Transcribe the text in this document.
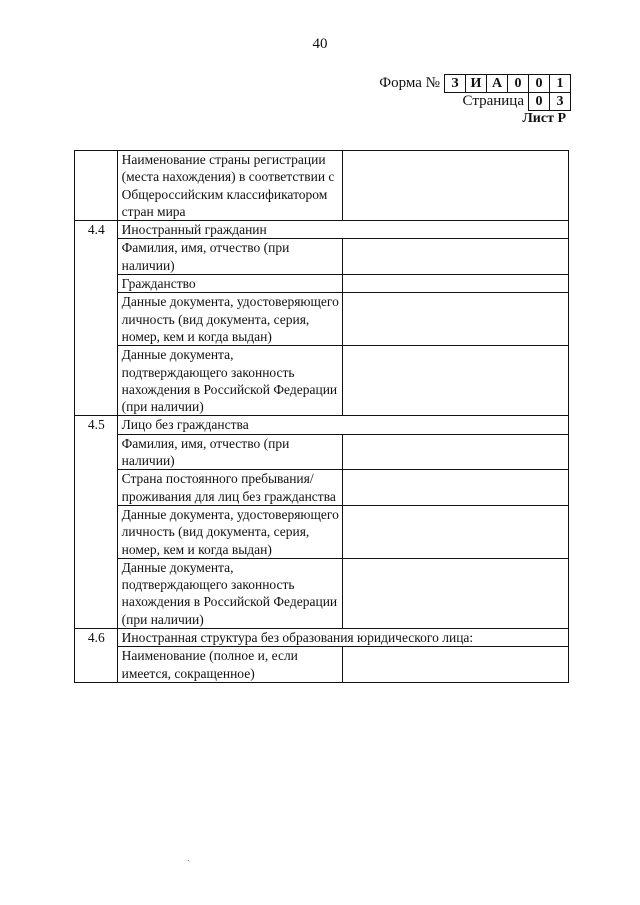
40
Форма № З И А 0	0	1
Страница 0	3
Лист Р
	Наименование страны регистрации (места нахождения) в соответствии с Общероссийским классификатором стран мира	
4.4	Иностранный гражданин	
	Фамилия, имя, отчество (при наличии)	
	Гражданство	
	Данные документа, удостоверяющего личность (вид документа, серия, номер, кем и когда выдан)	
	Данные документа, подтверждающего законность нахождения в Российской Федерации (при наличии)	
4.5	Лицо без гражданства	
	Фамилия, имя, отчество (при наличии)	
	Страна постоянного пребывания/проживания для лиц без гражданства	
	Данные документа, удостоверяющего личность (вид документа, серия, номер, кем и когда выдан)	
	Данные документа, подтверждающего законность нахождения в Российской Федерации (при наличии)	
4.6	Иностранная структура без образования юридического лица:	
	Наименование (полное и, если имеется, сокращенное)	
ˏ
